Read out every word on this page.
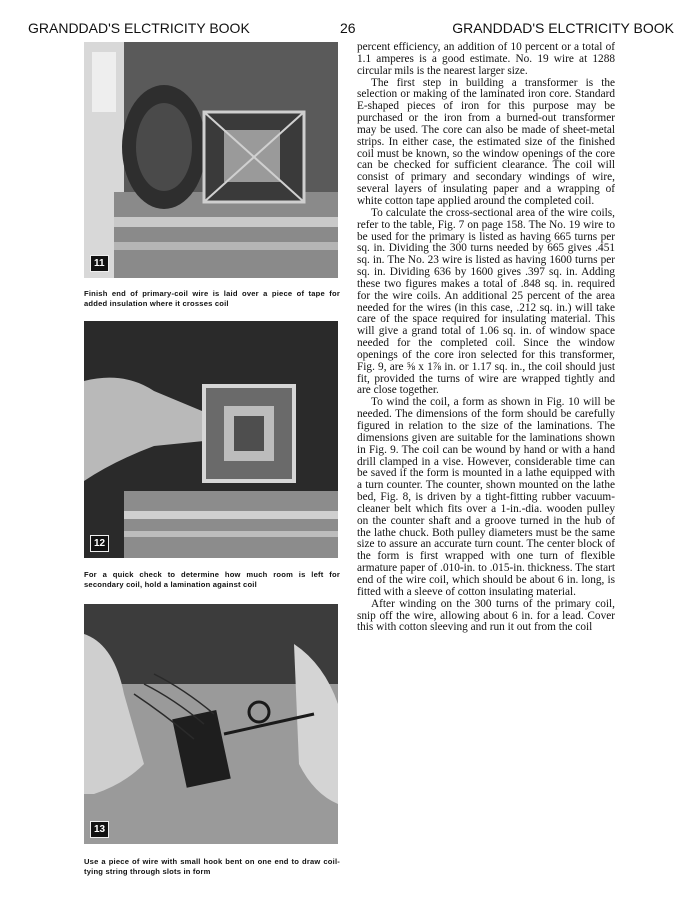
GRANDDAD'S ELCTRICITY BOOK	26	GRANDDAD'S ELCTRICITY BOOK
11
Finish end of primary-coil wire is laid over a piece of tape for added insulation where it crosses coil
12
For a quick check to determine how much room is left for secondary coil, hold a lamination against coil
13
Use a piece of wire with small hook bent on one end to draw coil-tying string through slots in form

percent efficiency, an addition of 10 percent or a total of 1.1 amperes is a good estimate. No. 19 wire at 1288 circular mils is the nearest larger size.

The first step in building a transformer is the selection or making of the laminated iron core. Standard E-shaped pieces of iron for this purpose may be purchased or the iron from a burned-out transformer may be used. The core can also be made of sheet-metal strips. In either case, the estimated size of the finished coil must be known, so the window openings of the core can be checked for sufficient clearance. The coil will consist of primary and secondary windings of wire, several layers of insulating paper and a wrapping of white cotton tape applied around the completed coil.

To calculate the cross-sectional area of the wire coils, refer to the table, Fig. 7 on page 158. The No. 19 wire to be used for the primary is listed as having 665 turns per sq. in. Dividing the 300 turns needed by 665 gives .451 sq. in. The No. 23 wire is listed as having 1600 turns per sq. in. Dividing 636 by 1600 gives .397 sq. in. Adding these two figures makes a total of .848 sq. in. required for the wire coils. An additional 25 percent of the area needed for the wires (in this case, .212 sq. in.) will take care of the space required for insulating material. This will give a grand total of 1.06 sq. in. of window space needed for the completed coil. Since the window openings of the core iron selected for this transformer, Fig. 9, are ⅝ x 1⅞ in. or 1.17 sq. in., the coil should just fit, provided the turns of wire are wrapped tightly and are close together.

To wind the coil, a form as shown in Fig. 10 will be needed. The dimensions of the form should be carefully figured in relation to the size of the laminations. The dimensions given are suitable for the laminations shown in Fig. 9. The coil can be wound by hand or with a hand drill clamped in a vise. However, considerable time can be saved if the form is mounted in a lathe equipped with a turn counter. The counter, shown mounted on the lathe bed, Fig. 8, is driven by a tight-fitting rubber vacuum-cleaner belt which fits over a 1-in.-dia. wooden pulley on the counter shaft and a groove turned in the hub of the lathe chuck. Both pulley diameters must be the same size to assure an accurate turn count. The center block of the form is first wrapped with one turn of flexible armature paper of .010-in. to .015-in. thickness. The start end of the wire coil, which should be about 6 in. long, is fitted with a sleeve of cotton insulating material.

After winding on the 300 turns of the primary coil, snip off the wire, allowing about 6 in. for a lead. Cover this with cotton sleeving and run it out from the coil
